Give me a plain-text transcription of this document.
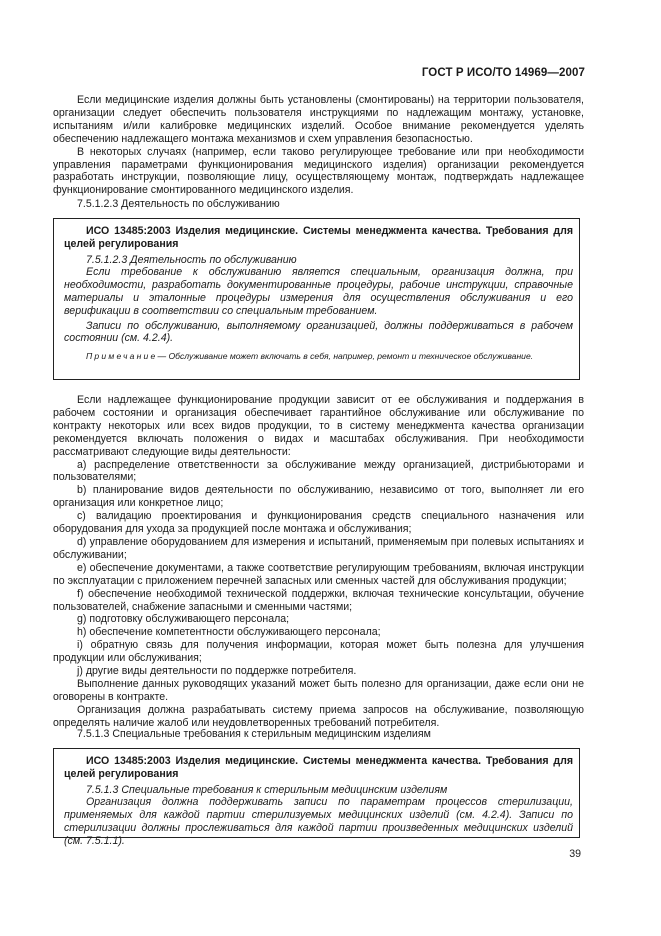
ГОСТ Р ИСО/ТО 14969—2007

Если медицинские изделия должны быть установлены (смонтированы) на территории пользователя, организации следует обеспечить пользователя инструкциями по надлежащим монтажу, установке, испытаниям и/или калибровке медицинских изделий. Особое внимание рекомендуется уделять обеспечению надлежащего монтажа механизмов и схем управления безопасностью.

В некоторых случаях (например, если таково регулирующее требование или при необходимости управления параметрами функционирования медицинского изделия) организации рекомендуется разработать инструкции, позволяющие лицу, осуществляющему монтаж, подтверждать надлежащее функционирование смонтированного медицинского изделия.

7.5.1.2.3 Деятельность по обслуживанию

ИСО 13485:2003 Изделия медицинские. Системы менеджмента качества. Требования для целей регулирования

7.5.1.2.3 Деятельность по обслуживанию

Если требование к обслуживанию является специальным, организация должна, при необходимости, разработать документированные процедуры, рабочие инструкции, справочные материалы и эталонные процедуры измерения для осуществления обслуживания и его верификации в соответствии со специальным требованием.

Записи по обслуживанию, выполняемому организацией, должны поддерживаться в рабочем состоянии (см. 4.2.4).

Примечание— Обслуживание может включать в себя, например, ремонт и техническое обслуживание.

Если надлежащее функционирование продукции зависит от ее обслуживания и поддержания в рабочем состоянии и организация обеспечивает гарантийное обслуживание или обслуживание по контракту некоторых или всех видов продукции, то в систему менеджмента качества организации рекомендуется включать положения о видах и масштабах обслуживания. При необходимости рассматривают следующие виды деятельности:

a) распределение ответственности за обслуживание между организацией, дистрибьюторами и пользователями;

b) планирование видов деятельности по обслуживанию, независимо от того, выполняет ли его организация или конкретное лицо;

c) валидацию проектирования и функционирования средств специального назначения или оборудования для ухода за продукцией после монтажа и обслуживания;

d) управление оборудованием для измерения и испытаний, применяемым при полевых испытаниях и обслуживании;

e) обеспечение документами, а также соответствие регулирующим требованиям, включая инструкции по эксплуатации с приложением перечней запасных или сменных частей для обслуживания продукции;

f) обеспечение необходимой технической поддержки, включая технические консультации, обучение пользователей, снабжение запасными и сменными частями;

g) подготовку обслуживающего персонала;

h) обеспечение компетентности обслуживающего персонала;

i) обратную связь для получения информации, которая может быть полезна для улучшения продукции или обслуживания;

j) другие виды деятельности по поддержке потребителя.

Выполнение данных руководящих указаний может быть полезно для организации, даже если они не оговорены в контракте.

Организация должна разрабатывать систему приема запросов на обслуживание, позволяющую определять наличие жалоб или неудовлетворенных требований потребителя.

7.5.1.3 Специальные требования к стерильным медицинским изделиям

ИСО 13485:2003 Изделия медицинские. Системы менеджмента качества. Требования для целей регулирования

7.5.1.3 Специальные требования к стерильным медицинским изделиям

Организация должна поддерживать записи по параметрам процессов стерилизации, применяемых для каждой партии стерилизуемых медицинских изделий (см. 4.2.4). Записи по стерилизации должны прослеживаться для каждой партии произведенных медицинских изделий (см. 7.5.1.1).

39
